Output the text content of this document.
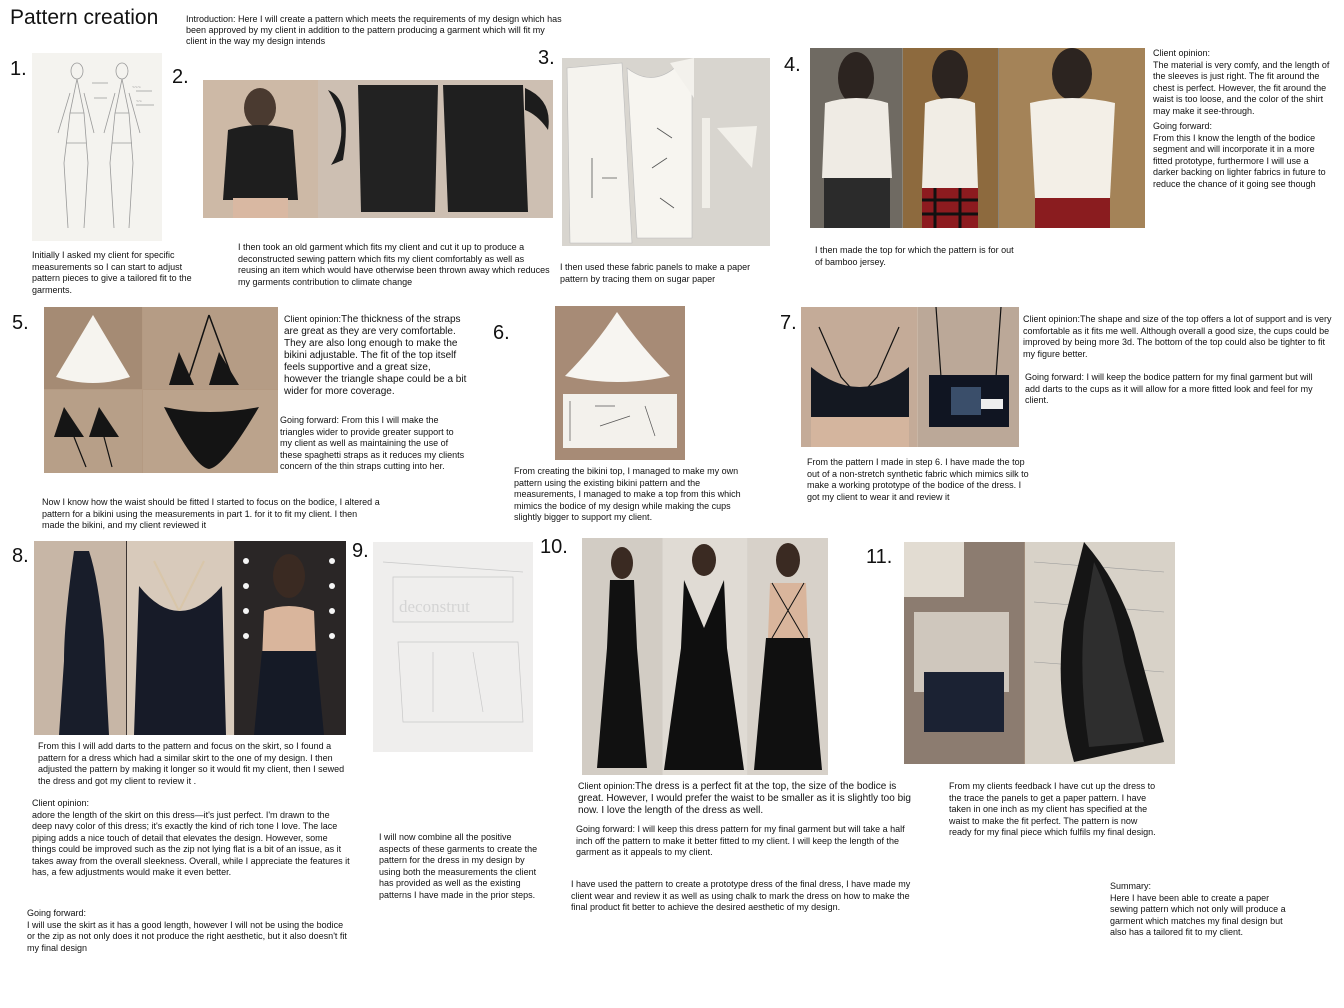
Pattern creation	Introduction: Here I will create a pattern which meets the requirements of my design which has been approved by my client in addition to the pattern producing a garment which will fit my client in the way my design intends
1.
~~~
~~
Initially I asked my client for specific measurements so I can start to adjust pattern pieces to give a tailored fit to the garments.
2.
I then took an old garment which fits my client and cut it up to produce a deconstructed sewing pattern which fits my client comfortably as well as reusing an item which would have otherwise been thrown away which reduces my garments contribution to climate change
3.
I then used these fabric panels to make a paper pattern by tracing them on sugar paper
4.
I then made the top for which the pattern is for out of bamboo jersey.
Client opinion:
The material is very comfy, and the length of the sleeves is just right. The fit around the chest is perfect. However, the fit around the waist is too loose, and the color of the shirt may make it see-through.
Going forward:
From this I know the length of the bodice segment and will incorporate it in a more fitted prototype, furthermore I will use a darker backing on lighter fabrics in future to reduce the chance of it going see though
5.	Client opinion:The thickness of the straps are great as they are very comfortable. They are also long enough to make the bikini adjustable. The fit of the top itself feels supportive and a great size, however the triangle shape could be a bit wider for more coverage.
Going forward: From this I will make the triangles wider to provide greater support to my client as well as maintaining the use of these spaghetti straps as it reduces my clients concern of the thin straps cutting into her.
Now I know how the waist should be fitted I started to focus on the bodice, I altered a pattern for a bikini using the measurements in part 1. for it to fit my client. I then made the bikini, and my client reviewed it
6.
From creating the bikini top, I managed to make my own pattern using the existing bikini pattern and the measurements, I managed to make a top from this which mimics the bodice of my design while making the cups slightly bigger to support my client.
7.	Client opinion:The shape and size of the top offers a lot of support and is very comfortable as it fits me well. Although overall a good size, the cups could be improved by being more 3d. The bottom of the top could also be tighter to fit my figure better.
Going forward: I will keep the bodice pattern for my final garment but will add darts to the cups as it will allow for a more fitted look and feel for my client.
From the pattern I made in step 6. I have made the top out of a non-stretch synthetic fabric which mimics silk to make a working prototype of the bodice of the dress. I got my client to wear it and review it
8.
From this I will add darts to the pattern and focus on the skirt, so I found a pattern for a dress which had a similar skirt to the one of my design. I then adjusted the pattern by making it longer so it would fit my client, then I sewed the dress and got my client to review it .
Client opinion:
adore the length of the skirt on this dress—it's just perfect. I'm drawn to the deep navy color of this dress; it's exactly the kind of rich tone I love. The lace piping adds a nice touch of detail that elevates the design. However, some things could be improved such as the zip not lying flat is a bit of an issue, as it takes away from the overall sleekness. Overall, while I appreciate the features it has, a few adjustments would make it even better.
Going forward:
I will use the skirt as it has a good length, however I will not be using the bodice or the zip as not only does it not produce the right aesthetic, but it also doesn't fit my final design
9.
deconstrut
I will now combine all the positive aspects of these garments to create the pattern for the dress in my design by using both the measurements the client has provided as well as the existing patterns I have made in the prior steps.
10.
Client opinion:The dress is a perfect fit at the top, the size of the bodice is great. However, I would prefer the waist to be smaller as it is slightly too big now. I love the length of the dress as well.
Going forward: I will keep this dress pattern for my final garment but will take a half inch off the pattern to make it better fitted to my client. I will keep the length of the garment as it appeals to my client.
I have used the pattern to create a prototype dress of the final dress, I have made my client wear and review it as well as using chalk to mark the dress on how to make the final product fit better to achieve the desired aesthetic of my design.
11.
From my clients feedback I have cut up the dress to the trace the panels to get a paper pattern. I have taken in one inch as my client has specified at the waist to make the fit perfect. The pattern is now ready for my final piece which fulfils my final design.
Summary:
Here I have been able to create a paper sewing pattern which not only will produce a garment which matches my final design but also has a tailored fit to my client.
